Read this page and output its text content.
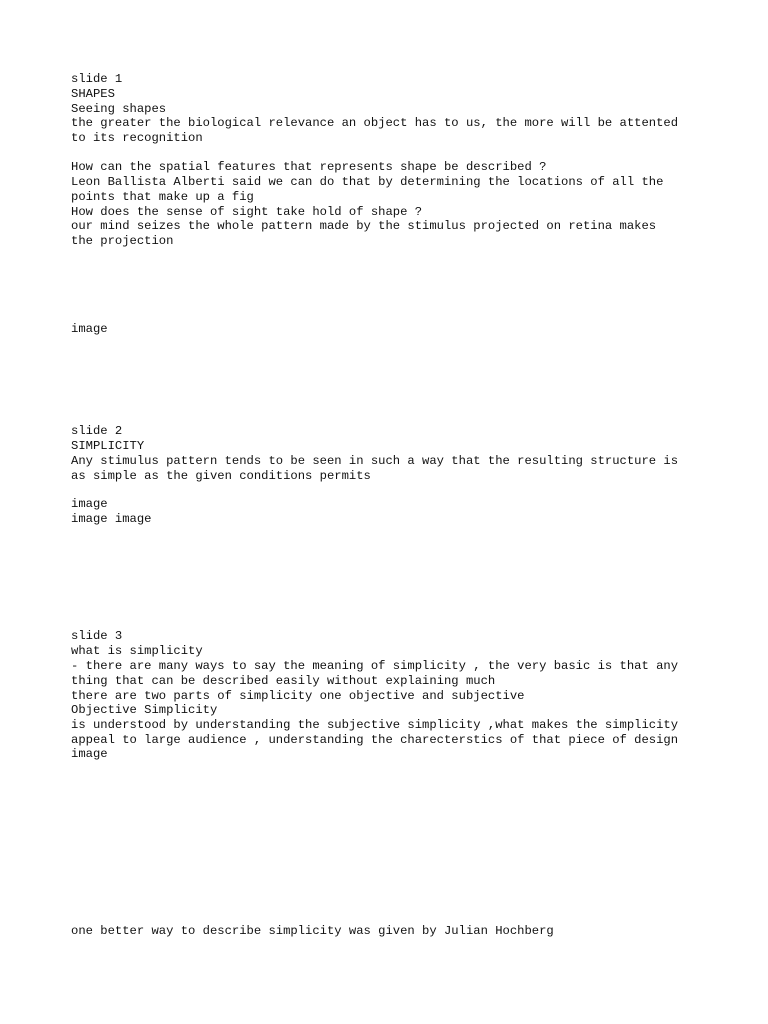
slide 1

SHAPES

Seeing shapes

the greater the biological relevance an object has to us, the more will be attented

to its recognition

How can the spatial features that represents shape be described ?

Leon Ballista Alberti said we can do that by determining the locations of all the

points that make up a fig

How does the sense of sight take hold of shape ?

our mind seizes the whole pattern made by the stimulus projected on retina makes

the projection

image

slide 2

SIMPLICITY

Any stimulus pattern tends to be seen in such a way that the resulting structure is

as simple as the given conditions permits

image

image image

slide 3

what is simplicity

- there are many ways to say the meaning of simplicity , the very basic is that any

thing that can be described easily without explaining much

there are two parts of simplicity one objective and subjective

Objective Simplicity

is understood by understanding the subjective simplicity ,what makes the simplicity

appeal to large audience , understanding the charecterstics of that piece of design

image

one better way to describe simplicity was given by Julian Hochberg
